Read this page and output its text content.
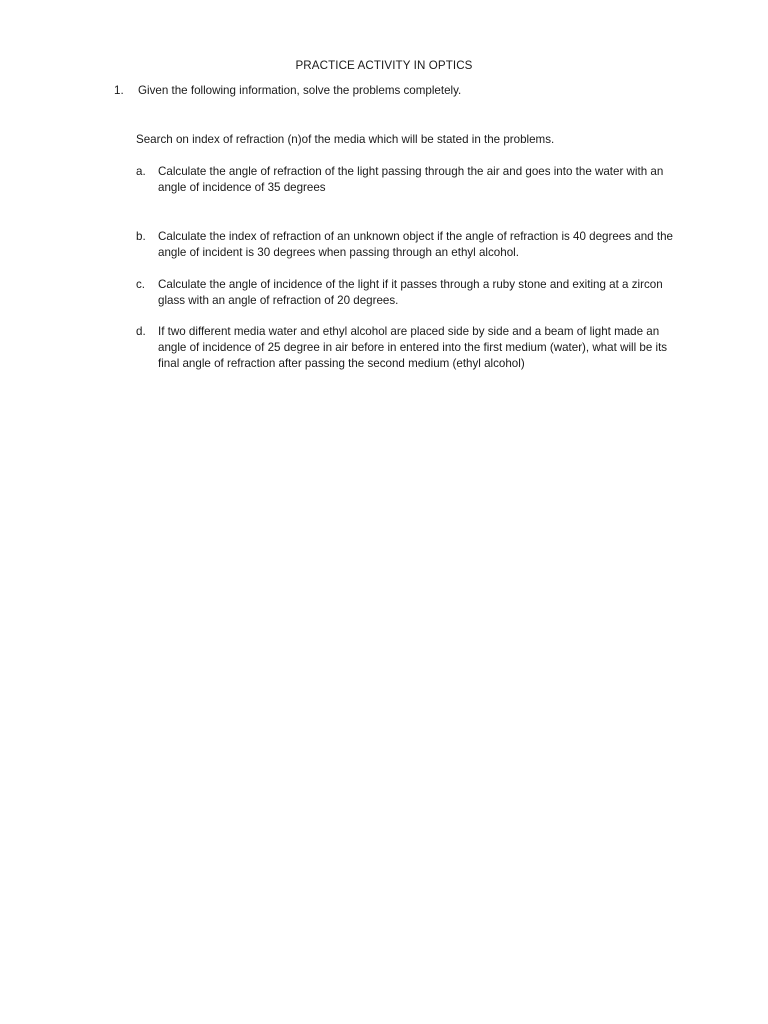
PRACTICE ACTIVITY IN OPTICS
1. Given the following information, solve the problems completely.
Search on index of refraction (n)of the media which will be stated in the problems.
a. Calculate the angle of refraction of the light passing through the air and goes into the water with an angle of incidence of 35 degrees
b. Calculate the index of refraction of an unknown object if the angle of refraction is 40 degrees and the angle of incident is 30 degrees when passing through an ethyl alcohol.
c. Calculate the angle of incidence of the light if it passes through a ruby stone and exiting at a zircon glass with an angle of refraction of 20 degrees.
d. If two different media water and ethyl alcohol are placed side by side and a beam of light made an angle of incidence of 25 degree in air before in entered into the first medium (water), what will be its final angle of refraction after passing the second medium (ethyl alcohol)
